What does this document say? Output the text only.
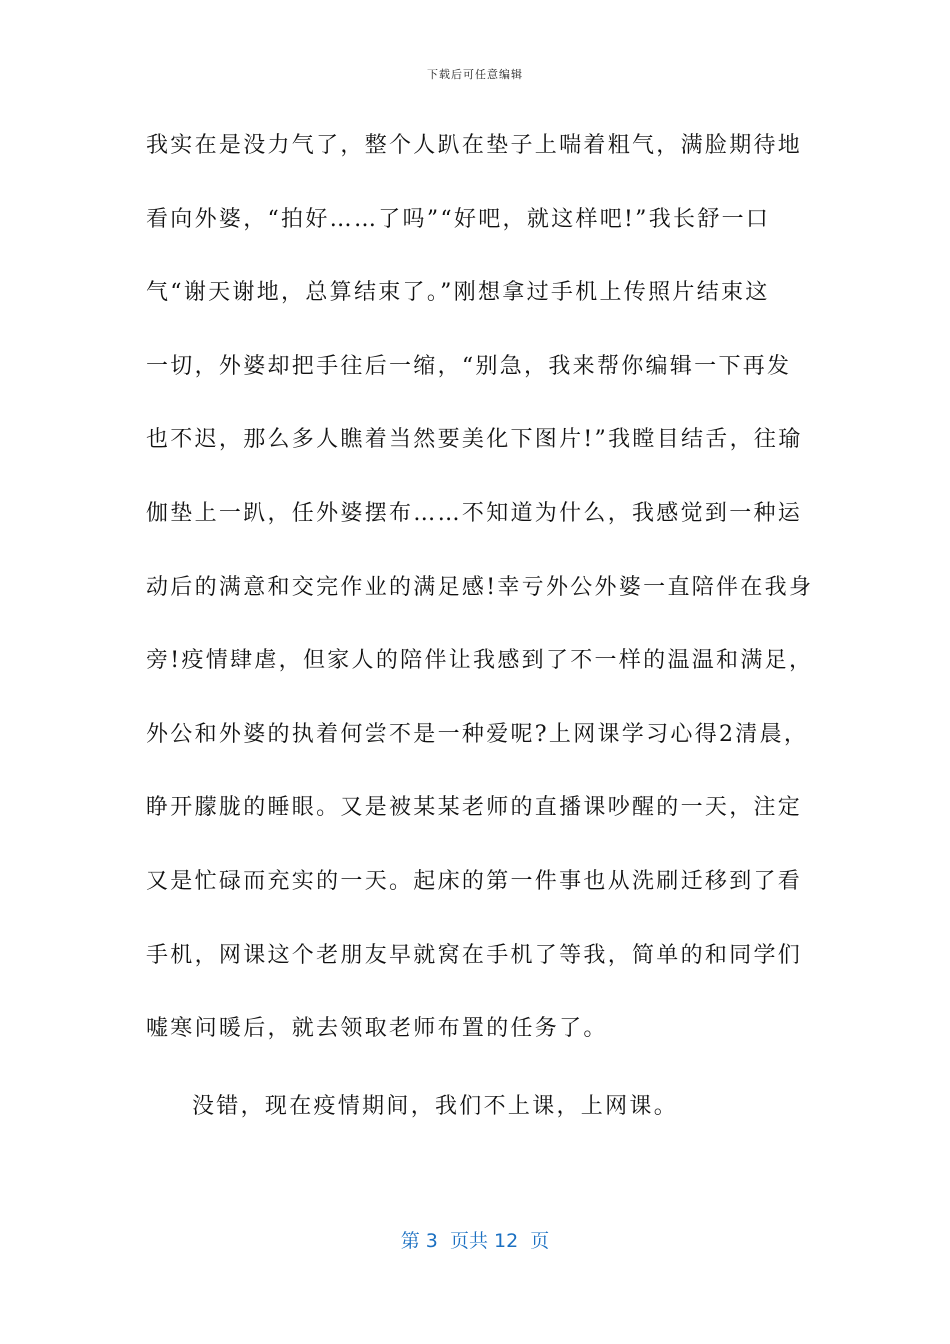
下载后可任意编辑
我实在是没力气了，整个人趴在垫子上喘着粗气，满脸期待地
看向外婆，“拍好……了吗”“好吧，就这样吧!”我长舒一口
气“谢天谢地，总算结束了。”刚想拿过手机上传照片结束这
一切，外婆却把手往后一缩，“别急，我来帮你编辑一下再发
也不迟，那么多人瞧着当然要美化下图片!”我瞠目结舌，往瑜
伽垫上一趴，任外婆摆布……不知道为什么，我感觉到一种运
动后的满意和交完作业的满足感!幸亏外公外婆一直陪伴在我身
旁!疫情肆虐，但家人的陪伴让我感到了不一样的温温和满足，
外公和外婆的执着何尝不是一种爱呢?上网课学习心得2清晨，
睁开朦胧的睡眼。又是被某某老师的直播课吵醒的一天，注定
又是忙碌而充实的一天。起床的第一件事也从洗刷迁移到了看
手机，网课这个老朋友早就窝在手机了等我，简单的和同学们
嘘寒问暖后，就去领取老师布置的任务了。
没错，现在疫情期间，我们不上课，上网课。
第 3  页共 12  页
